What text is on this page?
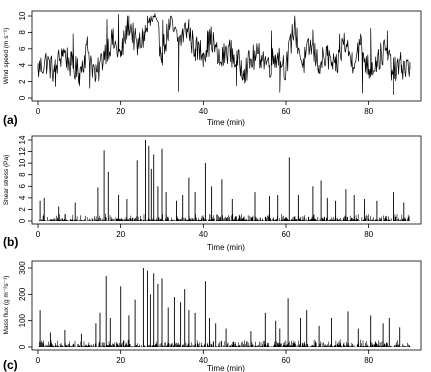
0	20	40	60	80
0
2
4
6
8
10
Time (min)
Wind speed (m s⁻¹)
(a)
0	20	40	60	80
0
2
4
6
8
10
12
14
Time (min)
Shear stress (Pa)
(b)
0	20	40	60	80
0
100
200
300
Time (min)
Mass flux (g m⁻²s⁻¹)
(c)
